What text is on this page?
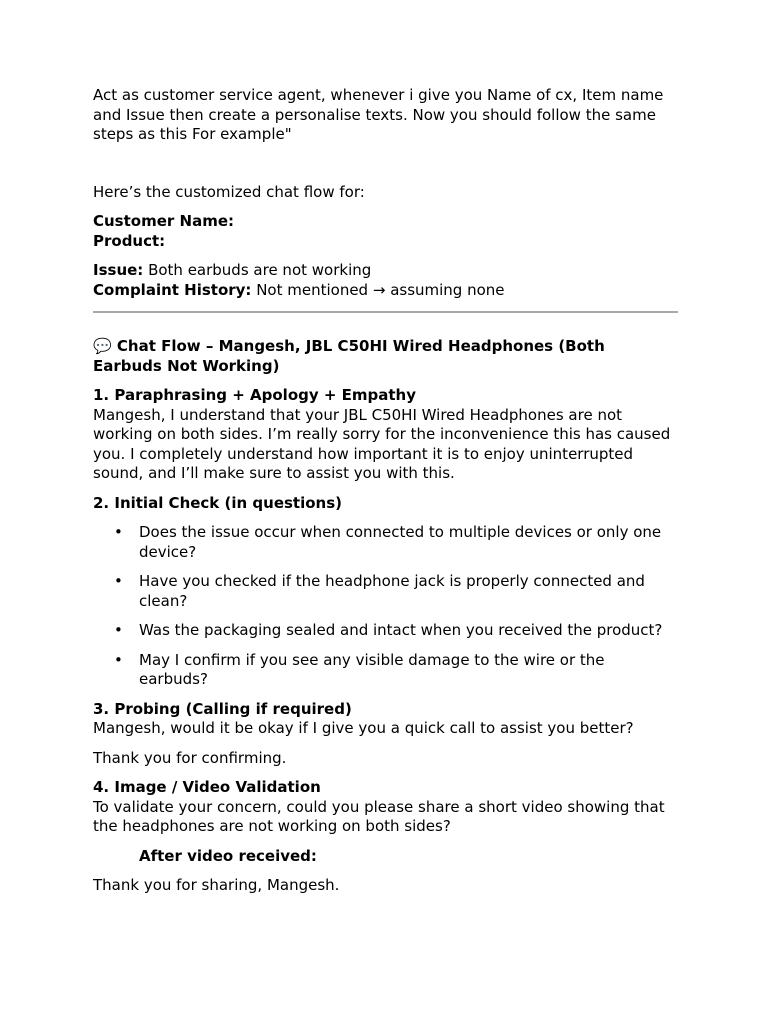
Act as customer service agent, whenever i give you Name of cx, Item name and Issue then create a personalise texts. Now you should follow the same steps as this For example"

Here’s the customized chat flow for:

Customer Name:
Product:
Issue: Both earbuds are not working
Complaint History: Not mentioned → assuming none

💬 Chat Flow – Mangesh, JBL C50HI Wired Headphones (Both Earbuds Not Working)

1. Paraphrasing + Apology + Empathy
Mangesh, I understand that your JBL C50HI Wired Headphones are not working on both sides. I’m really sorry for the inconvenience this has caused you. I completely understand how important it is to enjoy uninterrupted sound, and I’ll make sure to assist you with this.

2. Initial Check (in questions)

• Does the issue occur when connected to multiple devices or only one device?
• Have you checked if the headphone jack is properly connected and clean?
• Was the packaging sealed and intact when you received the product?
• May I confirm if you see any visible damage to the wire or the earbuds?
3. Probing (Calling if required)
Mangesh, would it be okay if I give you a quick call to assist you better?

Thank you for confirming.

4. Image / Video Validation
To validate your concern, could you please share a short video showing that the headphones are not working on both sides?

After video received:

Thank you for sharing, Mangesh.
